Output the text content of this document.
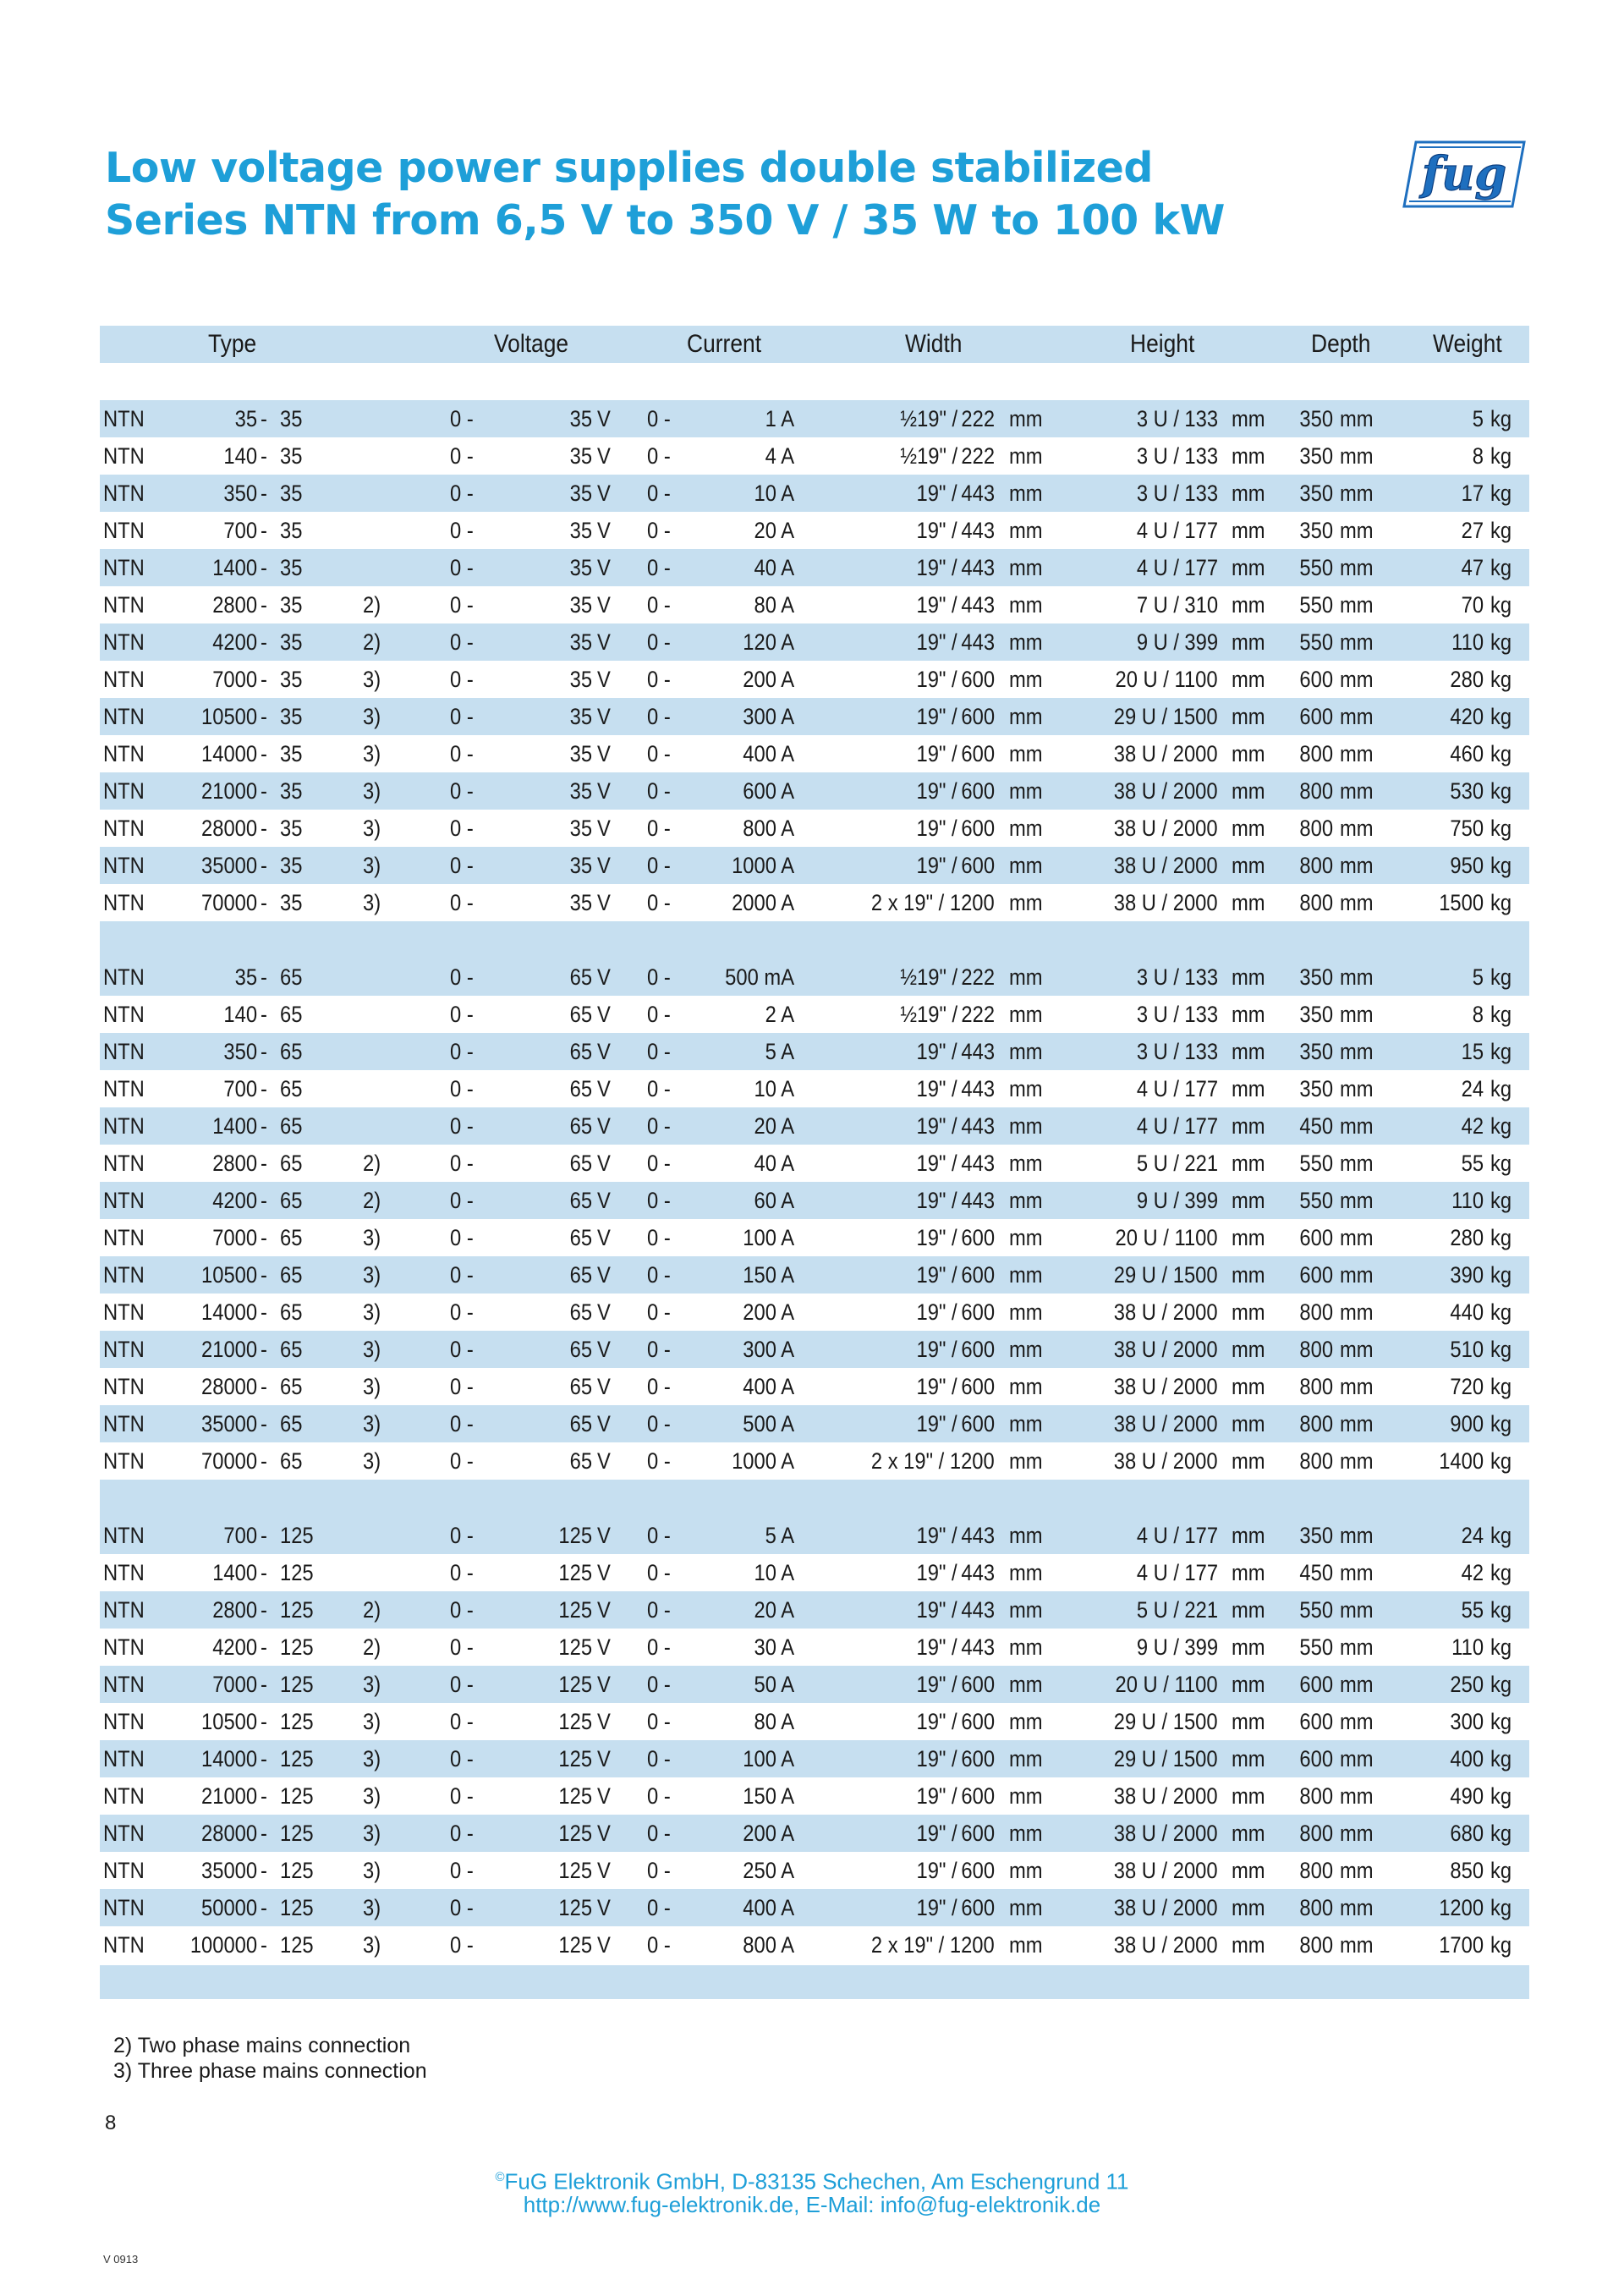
Low voltage power supplies double stabilized
Series NTN from 6,5 V to 350 V / 35 W to 100 kW
fug
Type	Voltage	Current	Width	Height	Depth Weight
NTN	35 - 35	0 -	35 V 0 -	1 A	½19" / 222 mm	3 U / 133 mm 350 mm	5 kg
NTN	140 - 35	0 -	35 V 0 -	4 A	½19" / 222 mm	3 U / 133 mm 350 mm	8 kg
NTN	350 - 35	0 -	35 V 0 -	10 A	19" / 443 mm	3 U / 133 mm 350 mm	17 kg
NTN	700 - 35	0 -	35 V 0 -	20 A	19" / 443 mm	4 U / 177 mm 350 mm	27 kg
NTN	1400 - 35	0 -	35 V 0 -	40 A	19" / 443 mm	4 U / 177 mm 550 mm	47 kg
NTN	2800 - 35	2)	0 -	35 V 0 -	80 A	19" / 443 mm	7 U / 310 mm 550 mm	70 kg
NTN	4200 - 35	2)	0 -	35 V 0 -	120 A	19" / 443 mm	9 U / 399 mm 550 mm	110 kg
NTN	7000 - 35	3)	0 -	35 V 0 -	200 A	19" / 600 mm	20 U / 1100 mm 600 mm	280 kg
NTN 10500 - 35	3)	0 -	35 V 0 -	300 A	19" / 600 mm	29 U / 1500 mm 600 mm	420 kg
NTN 14000 - 35	3)	0 -	35 V 0 -	400 A	19" / 600 mm	38 U / 2000 mm 800 mm	460 kg
NTN 21000 - 35	3)	0 -	35 V 0 -	600 A	19" / 600 mm	38 U / 2000 mm 800 mm	530 kg
NTN 28000 - 35	3)	0 -	35 V 0 -	800 A	19" / 600 mm	38 U / 2000 mm 800 mm	750 kg
NTN 35000 - 35	3)	0 -	35 V 0 -	1000 A	19" / 600 mm	38 U / 2000 mm 800 mm	950 kg
NTN 70000 - 35	3)	0 -	35 V 0 -	2000 A	2 x 19" / 1200 mm	38 U / 2000 mm 800 mm	1500 kg
NTN	35 - 65	0 -	65 V 0 - 500 mA	½19" / 222 mm	3 U / 133 mm 350 mm	5 kg
NTN	140 - 65	0 -	65 V 0 -	2 A	½19" / 222 mm	3 U / 133 mm 350 mm	8 kg
NTN	350 - 65	0 -	65 V 0 -	5 A	19" / 443 mm	3 U / 133 mm 350 mm	15 kg
NTN	700 - 65	0 -	65 V 0 -	10 A	19" / 443 mm	4 U / 177 mm 350 mm	24 kg
NTN	1400 - 65	0 -	65 V 0 -	20 A	19" / 443 mm	4 U / 177 mm 450 mm	42 kg
NTN	2800 - 65	2)	0 -	65 V 0 -	40 A	19" / 443 mm	5 U / 221 mm 550 mm	55 kg
NTN	4200 - 65	2)	0 -	65 V 0 -	60 A	19" / 443 mm	9 U / 399 mm 550 mm	110 kg
NTN	7000 - 65	3)	0 -	65 V 0 -	100 A	19" / 600 mm	20 U / 1100 mm 600 mm	280 kg
NTN 10500 - 65	3)	0 -	65 V 0 -	150 A	19" / 600 mm	29 U / 1500 mm 600 mm	390 kg
NTN 14000 - 65	3)	0 -	65 V 0 -	200 A	19" / 600 mm	38 U / 2000 mm 800 mm	440 kg
NTN 21000 - 65	3)	0 -	65 V 0 -	300 A	19" / 600 mm	38 U / 2000 mm 800 mm	510 kg
NTN 28000 - 65	3)	0 -	65 V 0 -	400 A	19" / 600 mm	38 U / 2000 mm 800 mm	720 kg
NTN 35000 - 65	3)	0 -	65 V 0 -	500 A	19" / 600 mm	38 U / 2000 mm 800 mm	900 kg
NTN 70000 - 65	3)	0 -	65 V 0 -	1000 A	2 x 19" / 1200 mm	38 U / 2000 mm 800 mm	1400 kg
NTN	700 - 125	0 -	125 V 0 -	5 A	19" / 443 mm	4 U / 177 mm 350 mm	24 kg
NTN	1400 - 125	0 -	125 V 0 -	10 A	19" / 443 mm	4 U / 177 mm 450 mm	42 kg
NTN	2800 - 125 2)	0 -	125 V 0 -	20 A	19" / 443 mm	5 U / 221 mm 550 mm	55 kg
NTN	4200 - 125 2)	0 -	125 V 0 -	30 A	19" / 443 mm	9 U / 399 mm 550 mm	110 kg
NTN	7000 - 125 3)	0 -	125 V 0 -	50 A	19" / 600 mm	20 U / 1100 mm 600 mm	250 kg
NTN 10500 - 125 3)	0 -	125 V 0 -	80 A	19" / 600 mm	29 U / 1500 mm 600 mm	300 kg
NTN 14000 - 125 3)	0 -	125 V 0 -	100 A	19" / 600 mm	29 U / 1500 mm 600 mm	400 kg
NTN 21000 - 125 3)	0 -	125 V 0 -	150 A	19" / 600 mm	38 U / 2000 mm 800 mm	490 kg
NTN 28000 - 125 3)	0 -	125 V 0 -	200 A	19" / 600 mm	38 U / 2000 mm 800 mm	680 kg
NTN 35000 - 125 3)	0 -	125 V 0 -	250 A	19" / 600 mm	38 U / 2000 mm 800 mm	850 kg
NTN 50000 - 125 3)	0 -	125 V 0 -	400 A	19" / 600 mm	38 U / 2000 mm 800 mm	1200 kg
NTN 100000 - 125 3)	0 -	125 V 0 -	800 A	2 x 19" / 1200 mm	38 U / 2000 mm 800 mm	1700 kg
2) Two phase mains connection
3) Three phase mains connection
8
©FuG Elektronik GmbH, D-83135 Schechen, Am Eschengrund 11
http://www.fug-elektronik.de, E-Mail: info@fug-elektronik.de
V 0913
